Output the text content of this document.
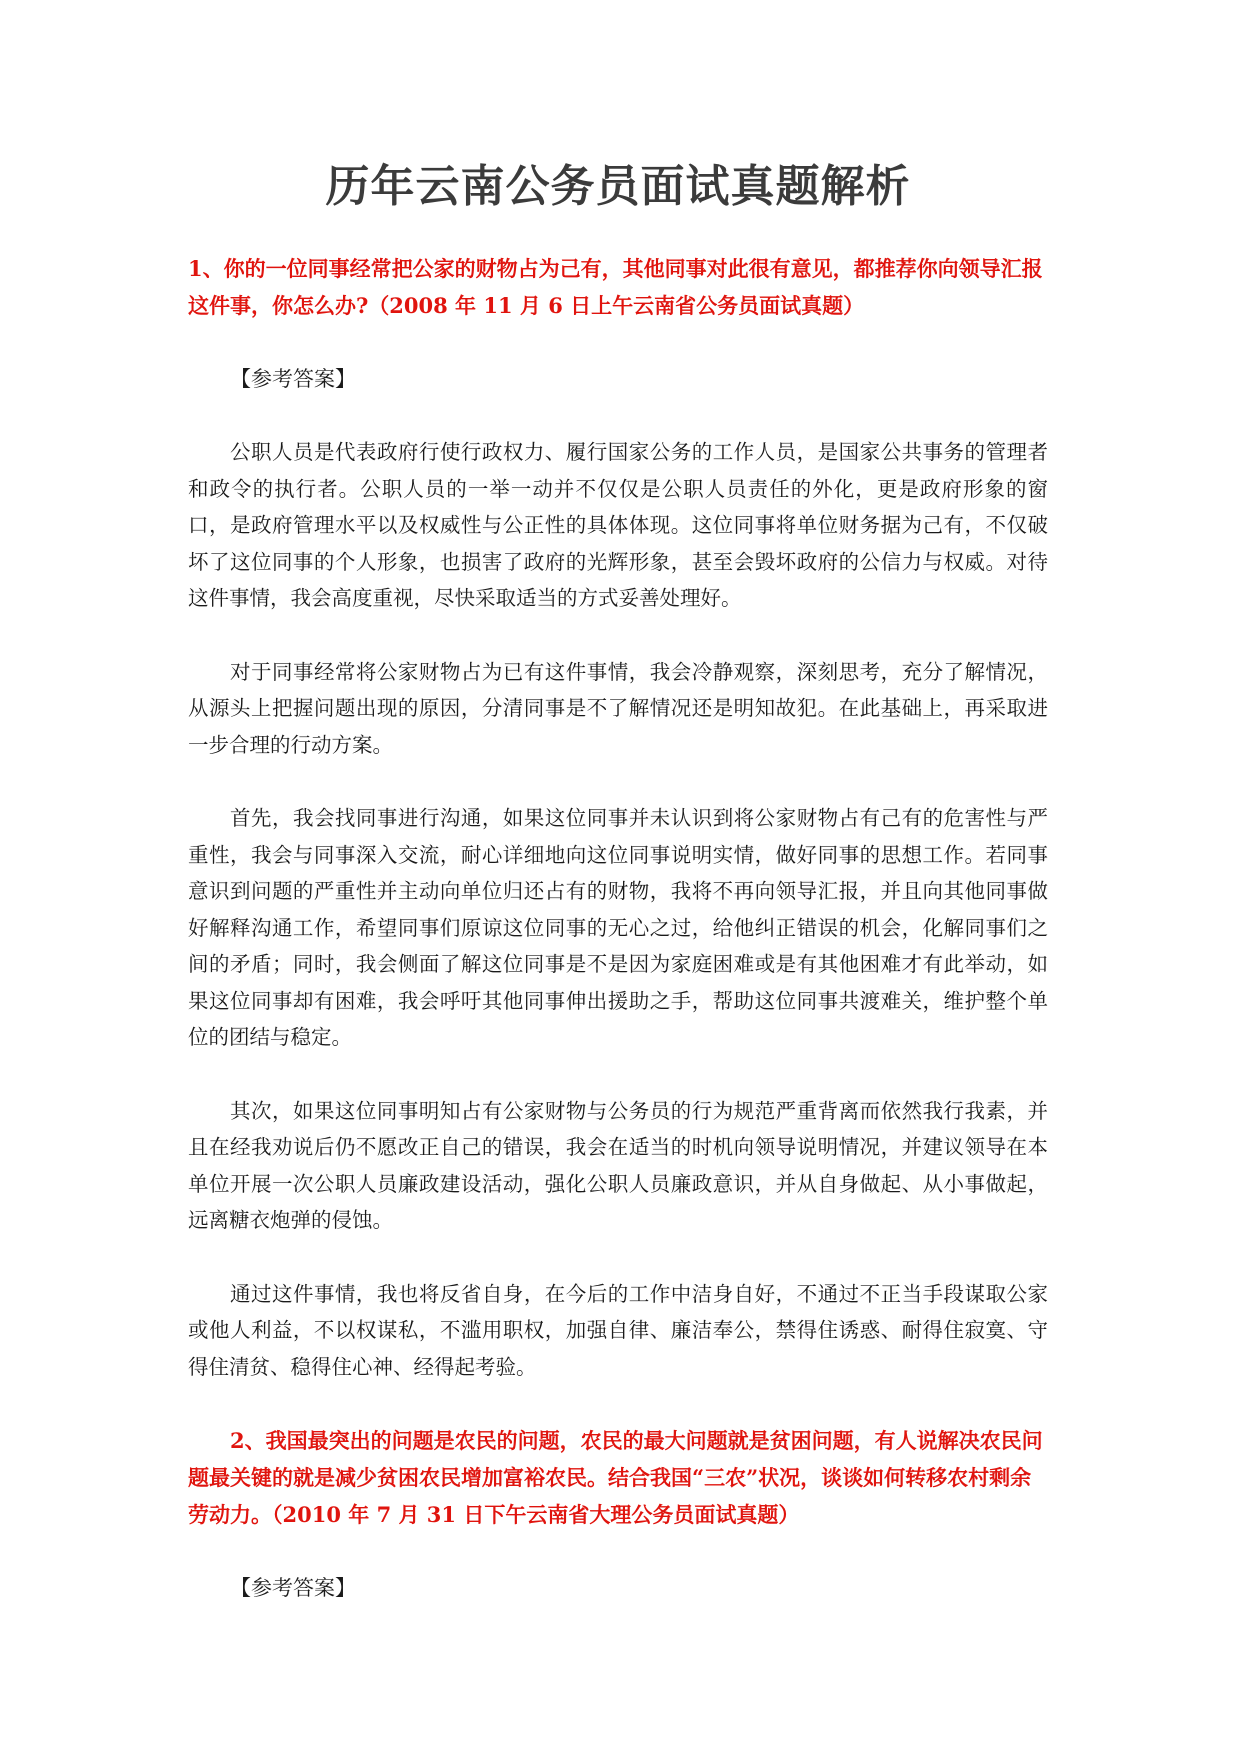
历年云南公务员面试真题解析

1、你的一位同事经常把公家的财物占为己有，其他同事对此很有意见，都推荐你向领导汇报这件事，你怎么办?（2008 年 11 月 6 日上午云南省公务员面试真题）

【参考答案】

公职人员是代表政府行使行政权力、履行国家公务的工作人员，是国家公共事务的管理者和政令的执行者。公职人员的一举一动并不仅仅是公职人员责任的外化，更是政府形象的窗口，是政府管理水平以及权威性与公正性的具体体现。这位同事将单位财务据为己有，不仅破坏了这位同事的个人形象，也损害了政府的光辉形象，甚至会毁坏政府的公信力与权威。对待这件事情，我会高度重视，尽快采取适当的方式妥善处理好。

对于同事经常将公家财物占为已有这件事情，我会冷静观察，深刻思考，充分了解情况，从源头上把握问题出现的原因，分清同事是不了解情况还是明知故犯。在此基础上，再采取进一步合理的行动方案。

首先，我会找同事进行沟通，如果这位同事并未认识到将公家财物占有己有的危害性与严重性，我会与同事深入交流，耐心详细地向这位同事说明实情，做好同事的思想工作。若同事意识到问题的严重性并主动向单位归还占有的财物，我将不再向领导汇报，并且向其他同事做好解释沟通工作，希望同事们原谅这位同事的无心之过，给他纠正错误的机会，化解同事们之间的矛盾；同时，我会侧面了解这位同事是不是因为家庭困难或是有其他困难才有此举动，如果这位同事却有困难，我会呼吁其他同事伸出援助之手，帮助这位同事共渡难关，维护整个单位的团结与稳定。

其次，如果这位同事明知占有公家财物与公务员的行为规范严重背离而依然我行我素，并且在经我劝说后仍不愿改正自己的错误，我会在适当的时机向领导说明情况，并建议领导在本单位开展一次公职人员廉政建设活动，强化公职人员廉政意识，并从自身做起、从小事做起，远离糖衣炮弹的侵蚀。

通过这件事情，我也将反省自身，在今后的工作中洁身自好，不通过不正当手段谋取公家或他人利益，不以权谋私，不滥用职权，加强自律、廉洁奉公，禁得住诱惑、耐得住寂寞、守得住清贫、稳得住心神、经得起考验。

2、我国最突出的问题是农民的问题，农民的最大问题就是贫困问题，有人说解决农民问题最关键的就是减少贫困农民增加富裕农民。结合我国“三农”状况，谈谈如何转移农村剩余劳动力。（2010 年 7 月 31 日下午云南省大理公务员面试真题）

【参考答案】
